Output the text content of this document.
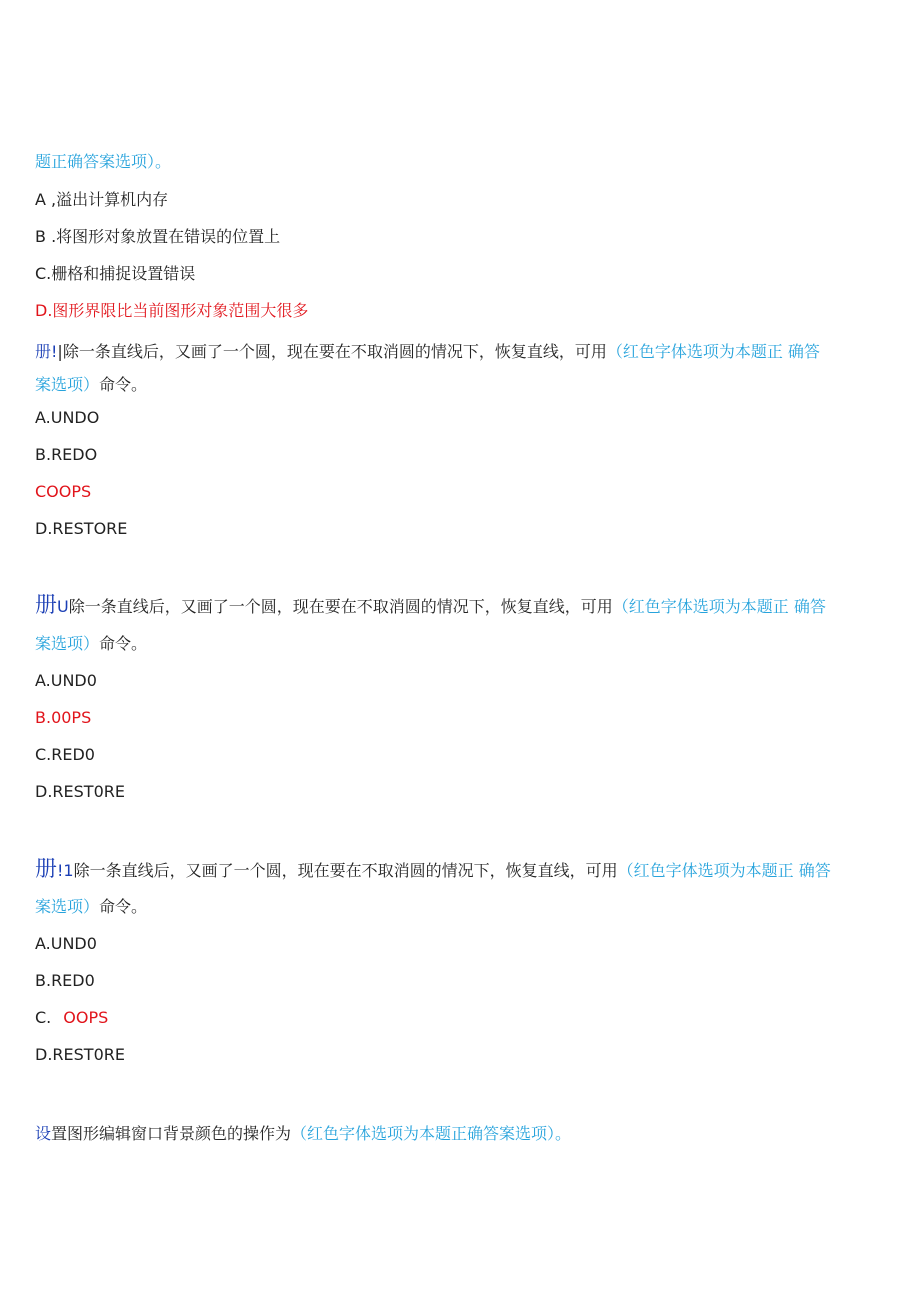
题正确答案选项）。
A ,溢出计算机内存
B .将图形对象放置在错误的位置上
C.栅格和捕捉设置错误
D.图形界限比当前图形对象范围大很多
册!|除一条直线后，又画了一个圆，现在要在不取消圆的情况下，恢复直线，可用（红色字体选项为本题正 确答
案选项）命令。
A.UNDO
B.REDO
COOPS
D.RESTORE
册U除一条直线后，又画了一个圆，现在要在不取消圆的情况下，恢复直线，可用（红色字体选项为本题正 确答
案选项）命令。
A.UND0
B.00PS
C.RED0
D.REST0RE
册!1除一条直线后，又画了一个圆，现在要在不取消圆的情况下，恢复直线，可用（红色字体选项为本题正 确答
案选项）命令。
A.UND0
B.RED0
C. OOPS
D.REST0RE
设置图形编辑窗口背景颜色的操作为（红色字体选项为本题正确答案选项）。
